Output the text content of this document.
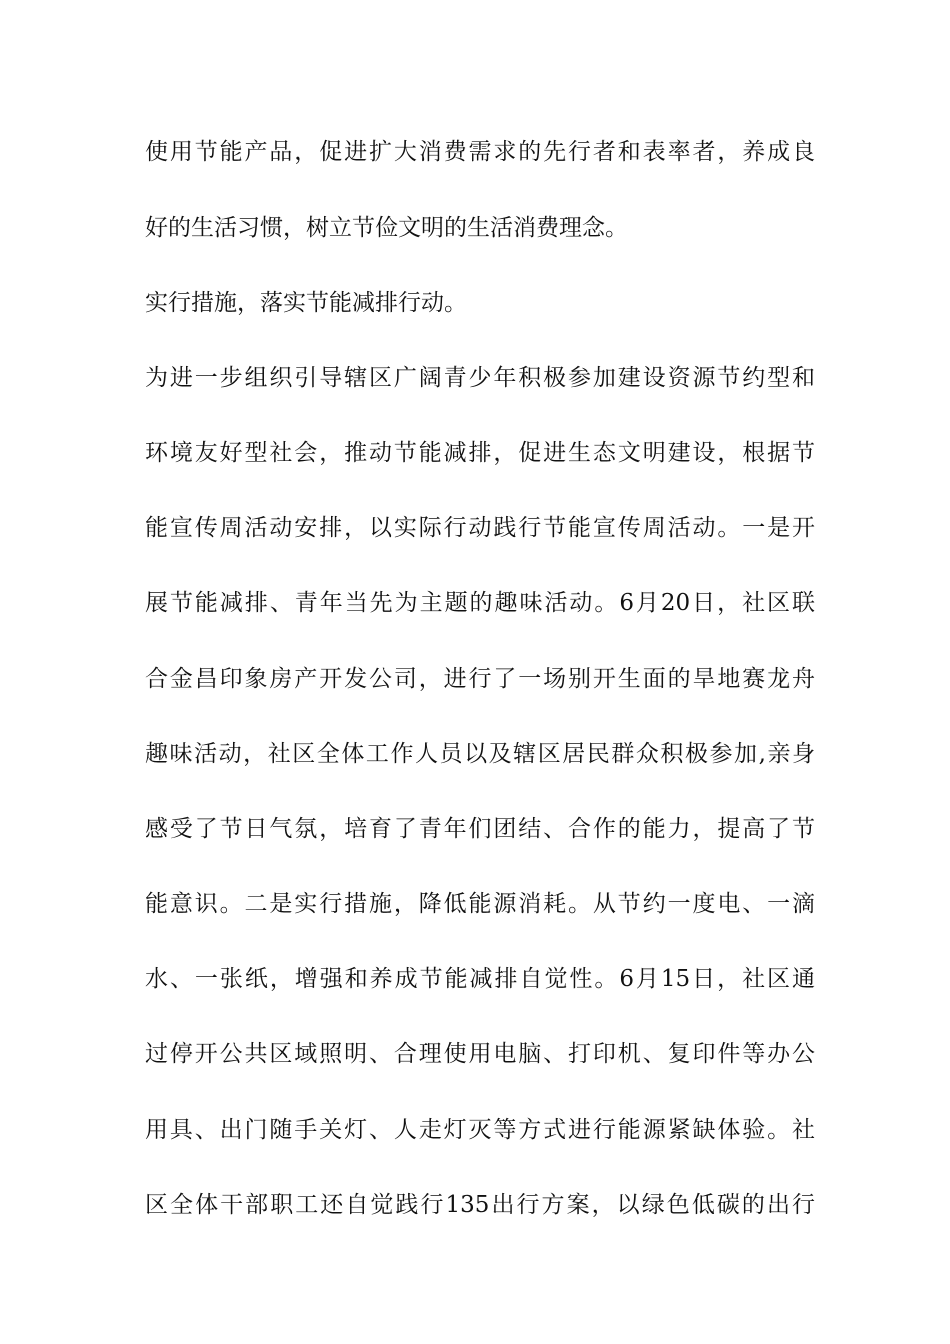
使用节能产品，促进扩大消费需求的先行者和表率者，养成良
好的生活习惯，树立节俭文明的生活消费理念。
实行措施，落实节能减排行动。
为进一步组织引导辖区广阔青少年积极参加建设资源节约型和
环境友好型社会，推动节能减排，促进生态文明建设，根据节
能宣传周活动安排，以实际行动践行节能宣传周活动。一是开
展节能减排、青年当先为主题的趣味活动。6月20日，社区联
合金昌印象房产开发公司，进行了一场别开生面的旱地赛龙舟
趣味活动，社区全体工作人员以及辖区居民群众积极参加,亲身
感受了节日气氛，培育了青年们团结、合作的能力，提高了节
能意识。二是实行措施，降低能源消耗。从节约一度电、一滴
水、一张纸，增强和养成节能减排自觉性。6月15日，社区通
过停开公共区域照明、合理使用电脑、打印机、复印件等办公
用具、出门随手关灯、人走灯灭等方式进行能源紧缺体验。社
区全体干部职工还自觉践行135出行方案，以绿色低碳的出行
